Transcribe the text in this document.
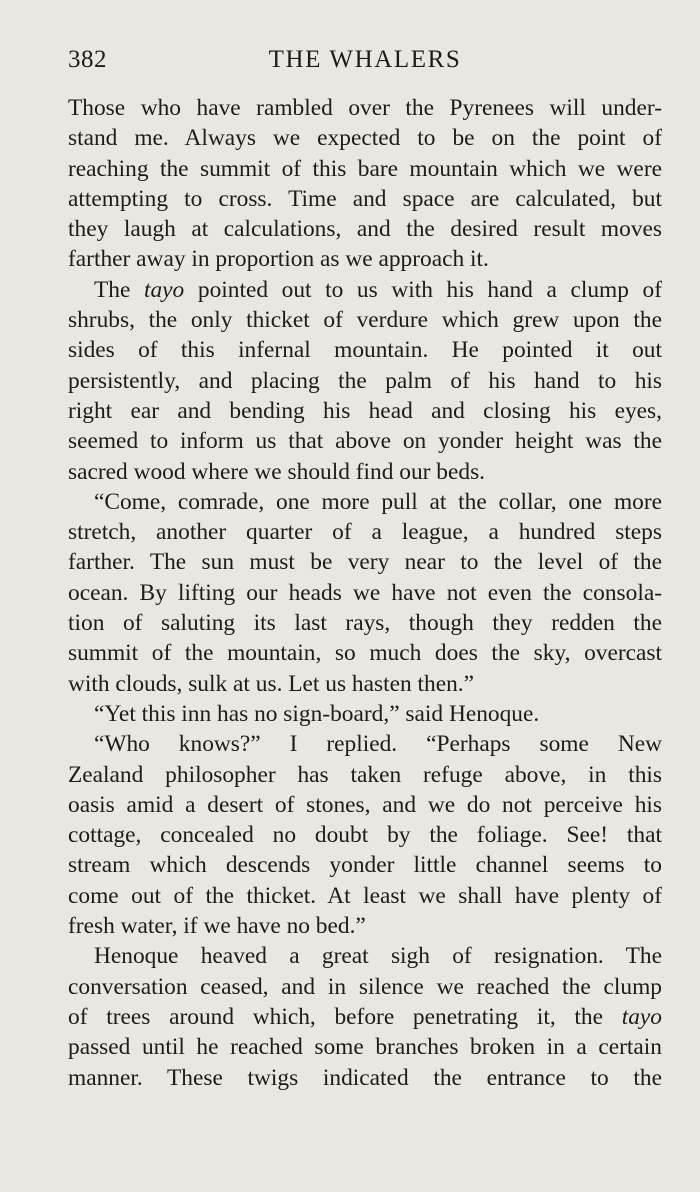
382	THE WHALERS
Those who have rambled over the Pyrenees will under-
stand me. Always we expected to be on the point of
reaching the summit of this bare mountain which we were
attempting to cross. Time and space are calculated, but
they laugh at calculations, and the desired result moves
farther away in proportion as we approach it.
The tayo pointed out to us with his hand a clump of
shrubs, the only thicket of verdure which grew upon the
sides of this infernal mountain. He pointed it out
persistently, and placing the palm of his hand to his
right ear and bending his head and closing his eyes,
seemed to inform us that above on yonder height was the
sacred wood where we should find our beds.
“Come, comrade, one more pull at the collar, one more
stretch, another quarter of a league, a hundred steps
farther. The sun must be very near to the level of the
ocean. By lifting our heads we have not even the consola-
tion of saluting its last rays, though they redden the
summit of the mountain, so much does the sky, overcast
with clouds, sulk at us. Let us hasten then.”
“Yet this inn has no sign-board,” said Henoque.
“Who knows?” I replied. “Perhaps some New
Zealand philosopher has taken refuge above, in this
oasis amid a desert of stones, and we do not perceive his
cottage, concealed no doubt by the foliage. See! that
stream which descends yonder little channel seems to
come out of the thicket. At least we shall have plenty of
fresh water, if we have no bed.”
Henoque heaved a great sigh of resignation. The
conversation ceased, and in silence we reached the clump
of trees around which, before penetrating it, the tayo
passed until he reached some branches broken in a certain
manner. These twigs indicated the entrance to the
